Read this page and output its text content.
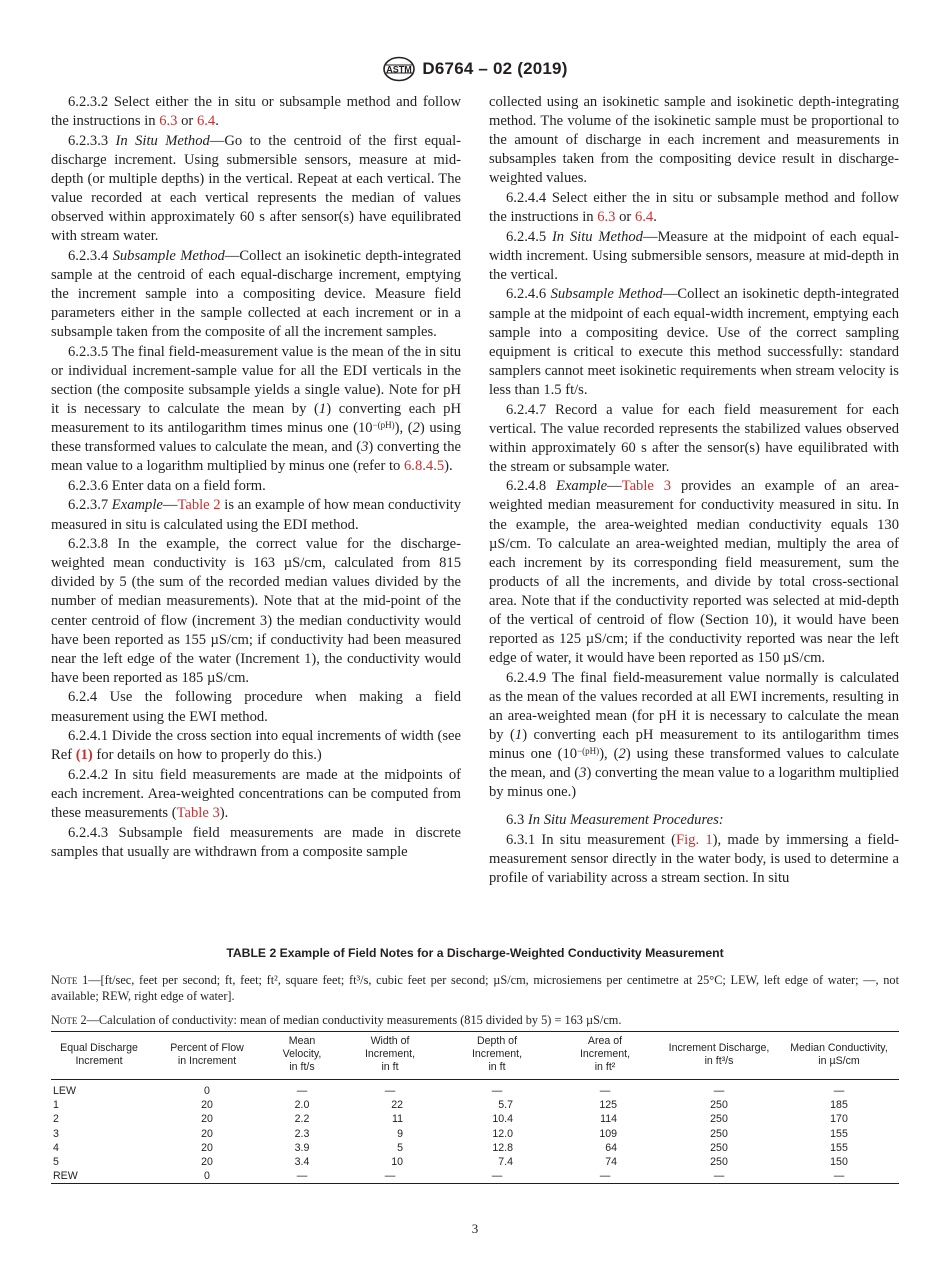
ASTM D6764 – 02 (2019)

6.2.3.2 Select either the in situ or subsample method and follow the instructions in 6.3 or 6.4.

6.2.3.3 In Situ Method—Go to the centroid of the first equal-discharge increment. Using submersible sensors, measure at mid-depth (or multiple depths) in the vertical. Repeat at each vertical. The value recorded at each vertical represents the median of values observed within approximately 60 s after sensor(s) have equilibrated with stream water.

6.2.3.4 Subsample Method—Collect an isokinetic depth-integrated sample at the centroid of each equal-discharge increment, emptying the increment sample into a compositing device. Measure field parameters either in the sample collected at each increment or in a subsample taken from the composite of all the increment samples.

6.2.3.5 The final field-measurement value is the mean of the in situ or individual increment-sample value for all the EDI verticals in the section (the composite subsample yields a single value). Note for pH it is necessary to calculate the mean by (1) converting each pH measurement to its antilogarithm times minus one $(10^{-(pH)})$, (2) using these transformed values to calculate the mean, and (3) converting the mean value to a logarithm multiplied by minus one (refer to 6.8.4.5).

6.2.3.6 Enter data on a field form.

6.2.3.7 Example—Table 2 is an example of how mean conductivity measured in situ is calculated using the EDI method.

6.2.3.8 In the example, the correct value for the discharge-weighted mean conductivity is 163 µS/cm, calculated from 815 divided by 5 (the sum of the recorded median values divided by the number of median measurements). Note that at the mid-point of the center centroid of flow (increment 3) the median conductivity would have been reported as 155 µS/cm; if conductivity had been measured near the left edge of the water (Increment 1), the conductivity would have been reported as 185 µS/cm.

6.2.4 Use the following procedure when making a field measurement using the EWI method.

6.2.4.1 Divide the cross section into equal increments of width (see Ref (1) for details on how to properly do this.)

6.2.4.2 In situ field measurements are made at the midpoints of each increment. Area-weighted concentrations can be computed from these measurements (Table 3).

6.2.4.3 Subsample field measurements are made in discrete samples that usually are withdrawn from a composite sample

collected using an isokinetic sample and isokinetic depth-integrating method. The volume of the isokinetic sample must be proportional to the amount of discharge in each increment and measurements in subsamples taken from the compositing device result in discharge-weighted values.

6.2.4.4 Select either the in situ or subsample method and follow the instructions in 6.3 or 6.4.

6.2.4.5 In Situ Method—Measure at the midpoint of each equal-width increment. Using submersible sensors, measure at mid-depth in the vertical.

6.2.4.6 Subsample Method—Collect an isokinetic depth-integrated sample at the midpoint of each equal-width increment, emptying each sample into a compositing device. Use of the correct sampling equipment is critical to execute this method successfully: standard samplers cannot meet isokinetic requirements when stream velocity is less than 1.5 ft/s.

6.2.4.7 Record a value for each field measurement for each vertical. The value recorded represents the stabilized values observed within approximately 60 s after the sensor(s) have equilibrated with the stream or subsample water.

6.2.4.8 Example—Table 3 provides an example of an area-weighted median measurement for conductivity measured in situ. In the example, the area-weighted median conductivity equals 130 µS/cm. To calculate an area-weighted median, multiply the area of each increment by its corresponding field measurement, sum the products of all the increments, and divide by total cross-sectional area. Note that if the conductivity reported was selected at mid-depth of the vertical of centroid of flow (Section 10), it would have been reported as 125 µS/cm; if the conductivity reported was near the left edge of water, it would have been reported as 150 µS/cm.

6.2.4.9 The final field-measurement value normally is calculated as the mean of the values recorded at all EWI increments, resulting in an area-weighted mean (for pH it is necessary to calculate the mean by (1) converting each pH measurement to its antilogarithm times minus one $(10^{-(pH)})$, (2) using these transformed values to calculate the mean, and (3) converting the mean value to a logarithm multiplied by minus one.)

6.3 In Situ Measurement Procedures:

6.3.1 In situ measurement (Fig. 1), made by immersing a field-measurement sensor directly in the water body, is used to determine a profile of variability across a stream section. In situ

TABLE 2 Example of Field Notes for a Discharge-Weighted Conductivity Measurement
Note 1—[ft/sec, feet per second; ft, feet; ft², square feet; ft³/s, cubic feet per second; µS/cm, microsiemens per centimetre at 25°C; LEW, left edge of water; —, not available; REW, right edge of water].
Note 2—Calculation of conductivity: mean of median conductivity measurements (815 divided by 5) = 163 µS/cm.
Equal Discharge
Increment	Percent of Flow
in Increment	Mean
Velocity,
in ft/s	Width of
Increment,
in ft	Depth of
Increment,
in ft	Area of
Increment,
in ft²	Increment Discharge,
in ft³/s	Median Conductivity,
in µS/cm
LEW	0	—	—	—	—	—	—
1	20	2.0	22	5.7	125	250	185
2	20	2.2	11	10.4	114	250	170
3	20	2.3	9	12.0	109	250	155
4	20	3.9	5	12.8	64	250	155
5	20	3.4	10	7.4	74	250	150
REW	0	—	—	—	—	—	—
3
